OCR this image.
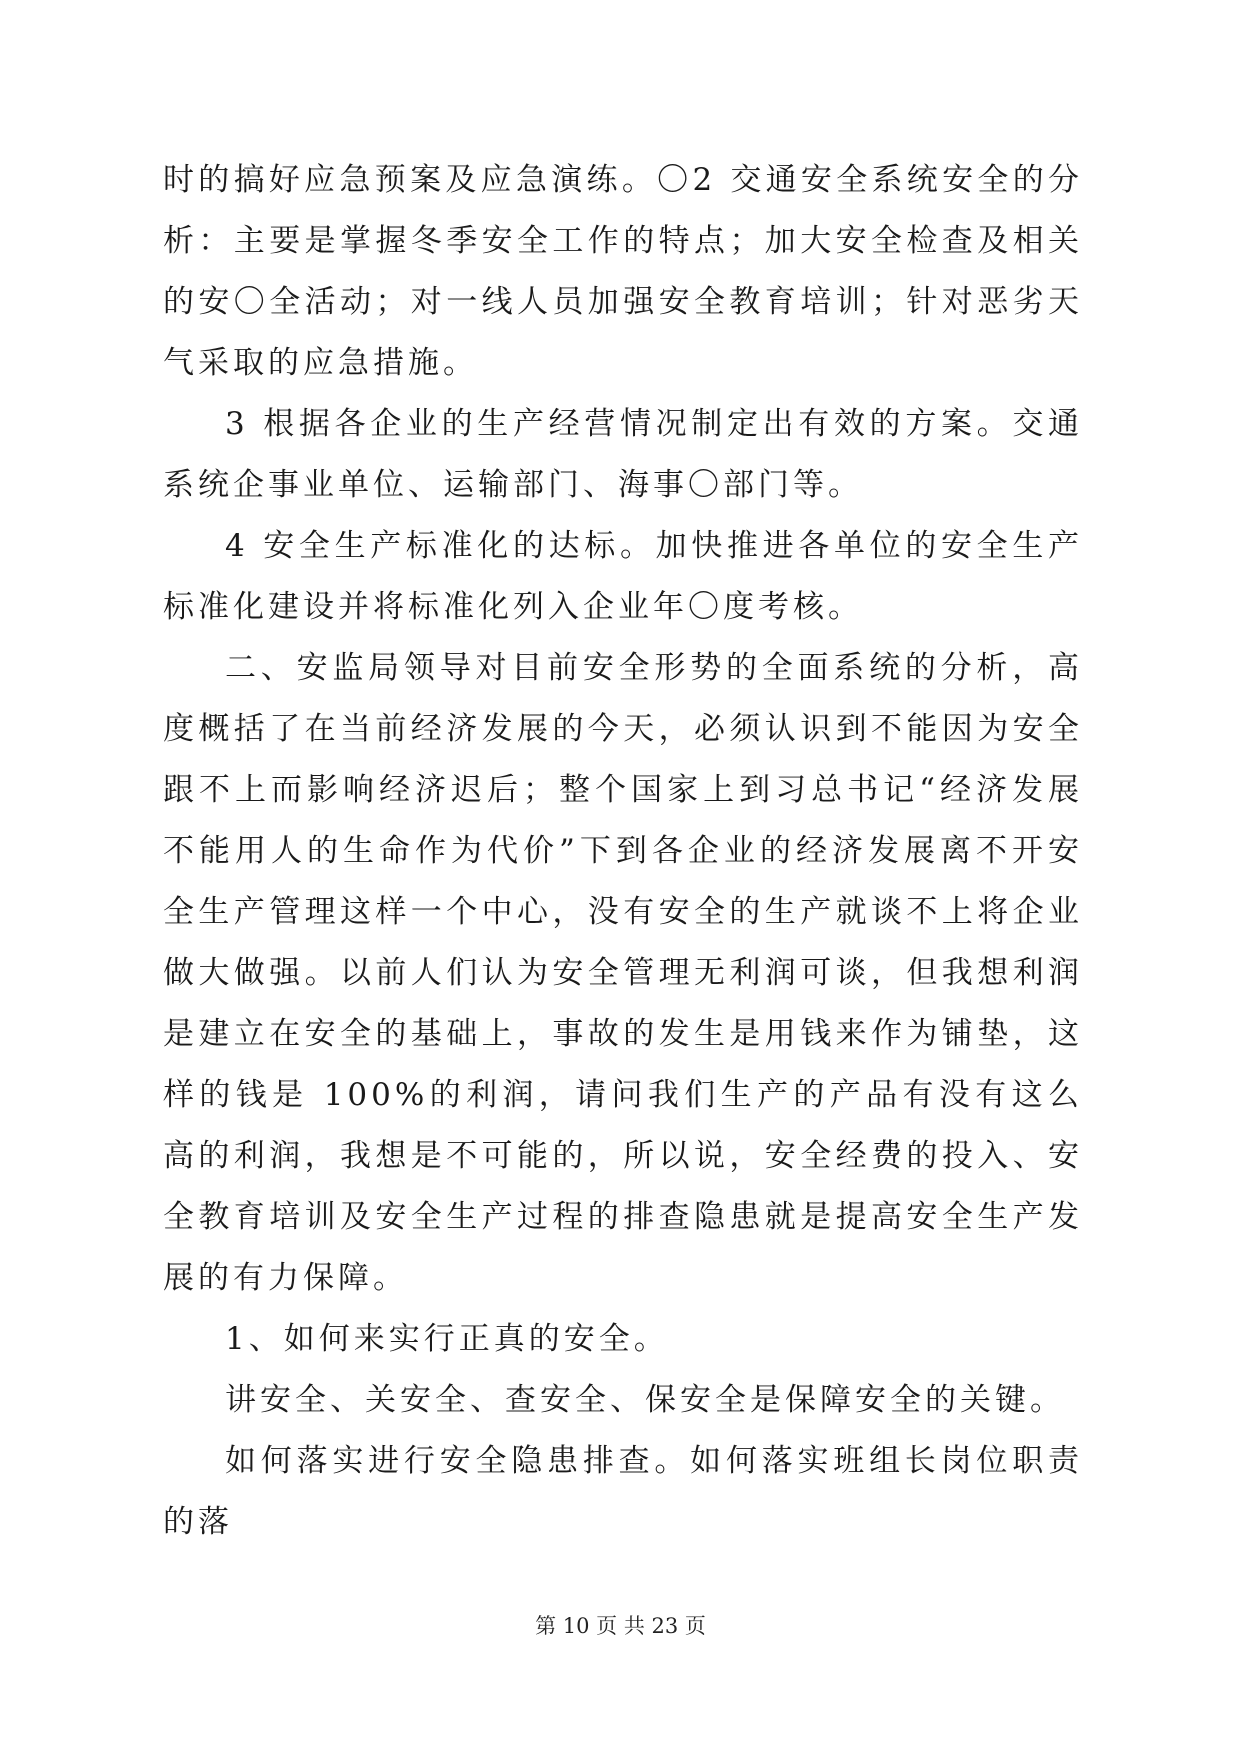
时的搞好应急预案及应急演练。〇2 交通安全系统安全的分析：主要是掌握冬季安全工作的特点；加大安全检查及相关的安〇全活动；对一线人员加强安全教育培训；针对恶劣天气采取的应急措施。

3 根据各企业的生产经营情况制定出有效的方案。交通系统企事业单位、运输部门、海事〇部门等。

4 安全生产标准化的达标。加快推进各单位的安全生产标准化建设并将标准化列入企业年〇度考核。

二、安监局领导对目前安全形势的全面系统的分析，高度概括了在当前经济发展的今天，必须认识到不能因为安全跟不上而影响经济迟后；整个国家上到习总书记“经济发展不能用人的生命作为代价”下到各企业的经济发展离不开安全生产管理这样一个中心，没有安全的生产就谈不上将企业做大做强。以前人们认为安全管理无利润可谈，但我想利润是建立在安全的基础上，事故的发生是用钱来作为铺垫，这样的钱是 100%的利润，请问我们生产的产品有没有这么高的利润，我想是不可能的，所以说，安全经费的投入、安全教育培训及安全生产过程的排查隐患就是提高安全生产发展的有力保障。

1、如何来实行正真的安全。

讲安全、关安全、查安全、保安全是保障安全的关键。

如何落实进行安全隐患排查。如何落实班组长岗位职责的落

第 10 页 共 23 页
